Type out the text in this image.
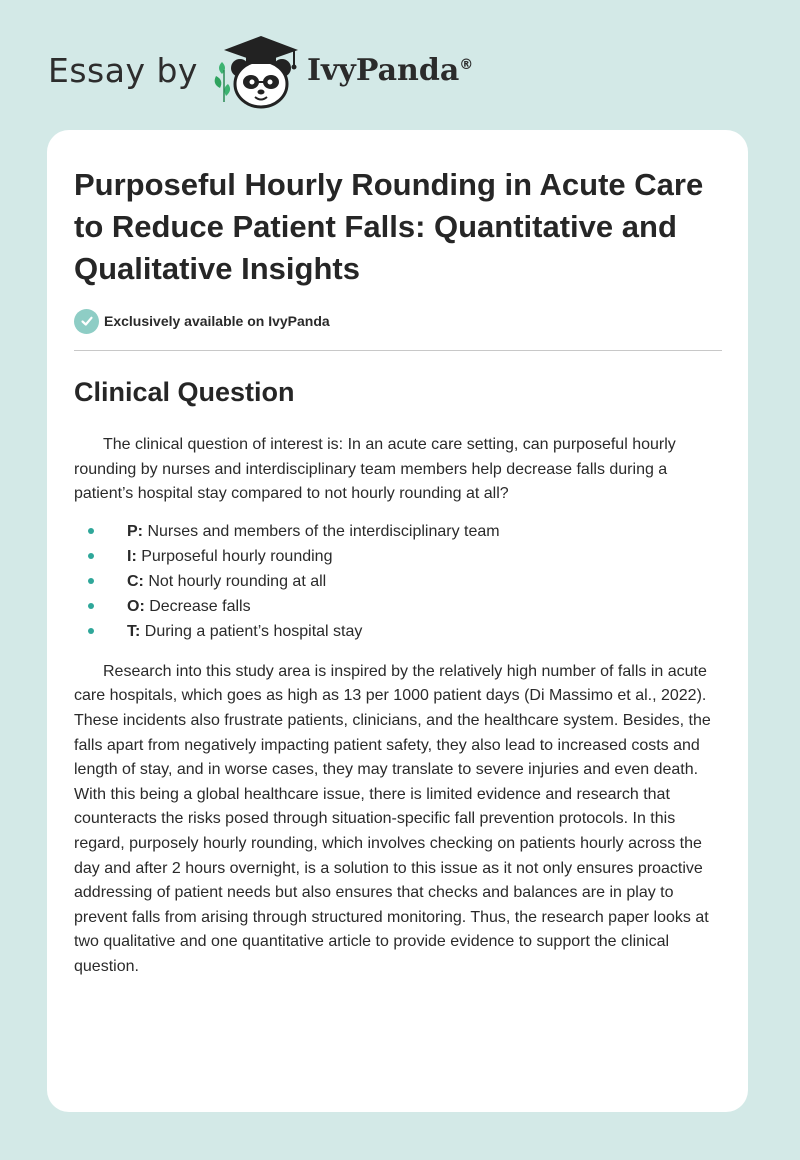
Essay by	IvyPanda®
Purposeful Hourly Rounding in Acute Care to Reduce Patient Falls: Quantitative and Qualitative Insights
Exclusively available on IvyPanda
Clinical Question

The clinical question of interest is: In an acute care setting, can purposeful hourly rounding by nurses and interdisciplinary team members help decrease falls during a patient’s hospital stay compared to not hourly rounding at all?

P: Nurses and members of the interdisciplinary team
I: Purposeful hourly rounding
C: Not hourly rounding at all
O: Decrease falls
T: During a patient’s hospital stay

Research into this study area is inspired by the relatively high number of falls in acute care hospitals, which goes as high as 13 per 1000 patient days (Di Massimo et al., 2022). These incidents also frustrate patients, clinicians, and the healthcare system. Besides, the falls apart from negatively impacting patient safety, they also lead to increased costs and length of stay, and in worse cases, they may translate to severe injuries and even death. With this being a global healthcare issue, there is limited evidence and research that counteracts the risks posed through situation-specific fall prevention protocols. In this regard, purposely hourly rounding, which involves checking on patients hourly across the day and after 2 hours overnight, is a solution to this issue as it not only ensures proactive addressing of patient needs but also ensures that checks and balances are in play to prevent falls from arising through structured monitoring. Thus, the research paper looks at two qualitative and one quantitative article to provide evidence to support the clinical question.
